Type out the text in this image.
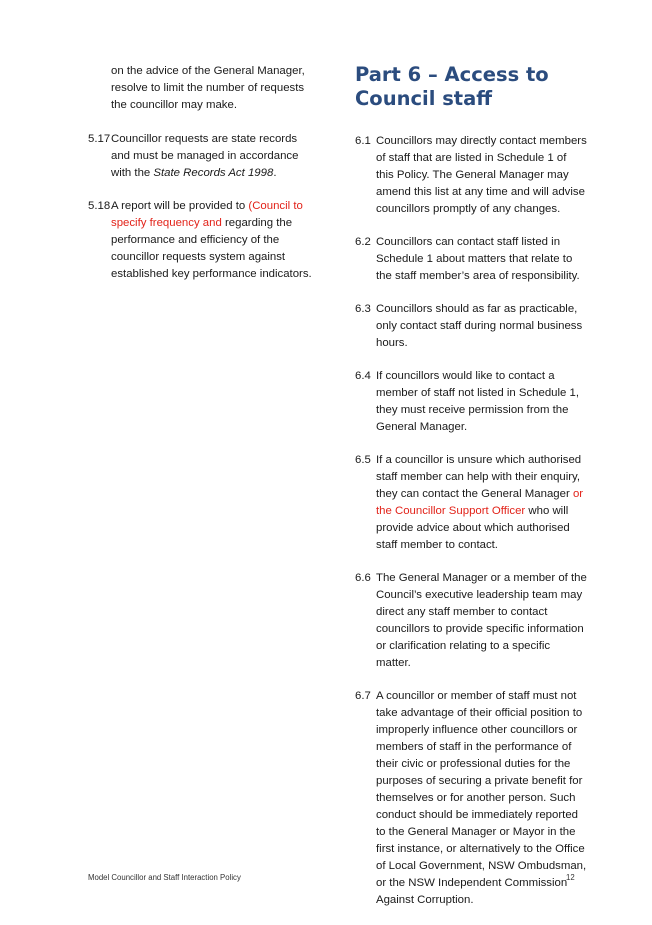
on the advice of the General Manager, resolve to limit the number of requests the councillor may make.
5.17 Councillor requests are state records and must be managed in accordance with the State Records Act 1998.
5.18 A report will be provided to (Council to specify frequency and regarding the performance and efficiency of the councillor requests system against established key performance indicators.
Part 6 – Access to Council staff
6.1 Councillors may directly contact members of staff that are listed in Schedule 1 of this Policy. The General Manager may amend this list at any time and will advise councillors promptly of any changes.
6.2 Councillors can contact staff listed in Schedule 1 about matters that relate to the staff member’s area of responsibility.
6.3 Councillors should as far as practicable, only contact staff during normal business hours.
6.4 If councillors would like to contact a member of staff not listed in Schedule 1, they must receive permission from the General Manager.
6.5 If a councillor is unsure which authorised staff member can help with their enquiry, they can contact the General Manager or the Councillor Support Officer who will provide advice about which authorised staff member to contact.
6.6 The General Manager or a member of the Council’s executive leadership team may direct any staff member to contact councillors to provide specific information or clarification relating to a specific matter.
6.7 A councillor or member of staff must not take advantage of their official position to improperly influence other councillors or members of staff in the performance of their civic or professional duties for the purposes of securing a private benefit for themselves or for another person. Such conduct should be immediately reported to the General Manager or Mayor in the first instance, or alternatively to the Office of Local Government, NSW Ombudsman, or the NSW Independent Commission Against Corruption.
Model Councillor and Staff Interaction Policy	12
